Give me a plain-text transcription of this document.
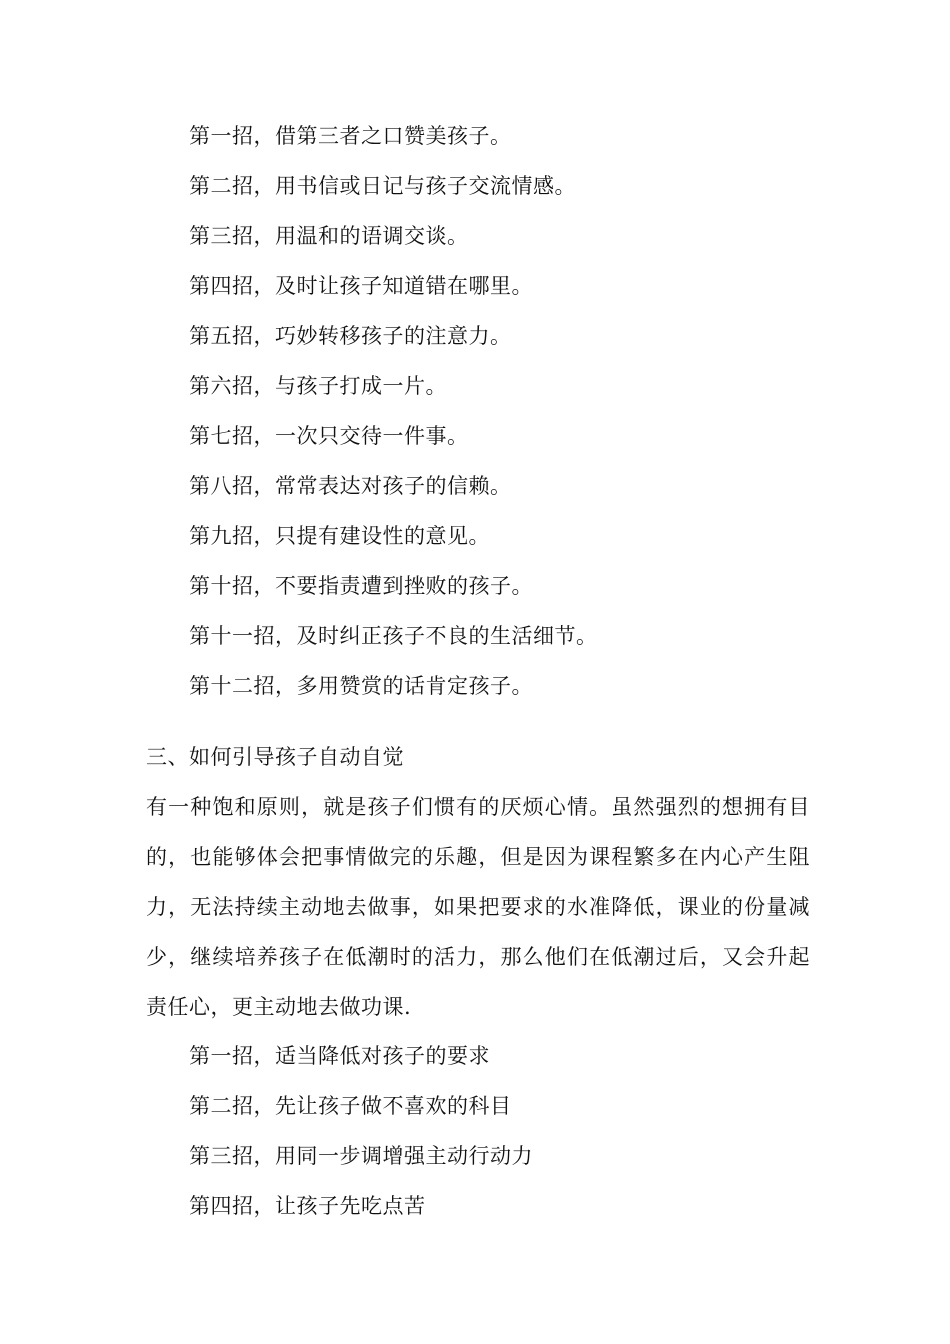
第一招，借第三者之口赞美孩子。
第二招，用书信或日记与孩子交流情感。
第三招，用温和的语调交谈。
第四招，及时让孩子知道错在哪里。
第五招，巧妙转移孩子的注意力。
第六招，与孩子打成一片。
第七招，一次只交待一件事。
第八招，常常表达对孩子的信赖。
第九招，只提有建设性的意见。
第十招，不要指责遭到挫败的孩子。
第十一招，及时纠正孩子不良的生活细节。
第十二招，多用赞赏的话肯定孩子。
三、如何引导孩子自动自觉
有一种饱和原则，就是孩子们惯有的厌烦心情。虽然强烈的想拥有目的，也能够体会把事情做完的乐趣，但是因为课程繁多在内心产生阻力，无法持续主动地去做事，如果把要求的水准降低，课业的份量减少，继续培养孩子在低潮时的活力，那么他们在低潮过后，又会升起责任心，更主动地去做功课.
第一招，适当降低对孩子的要求
第二招，先让孩子做不喜欢的科目
第三招，用同一步调增强主动行动力
第四招，让孩子先吃点苦
